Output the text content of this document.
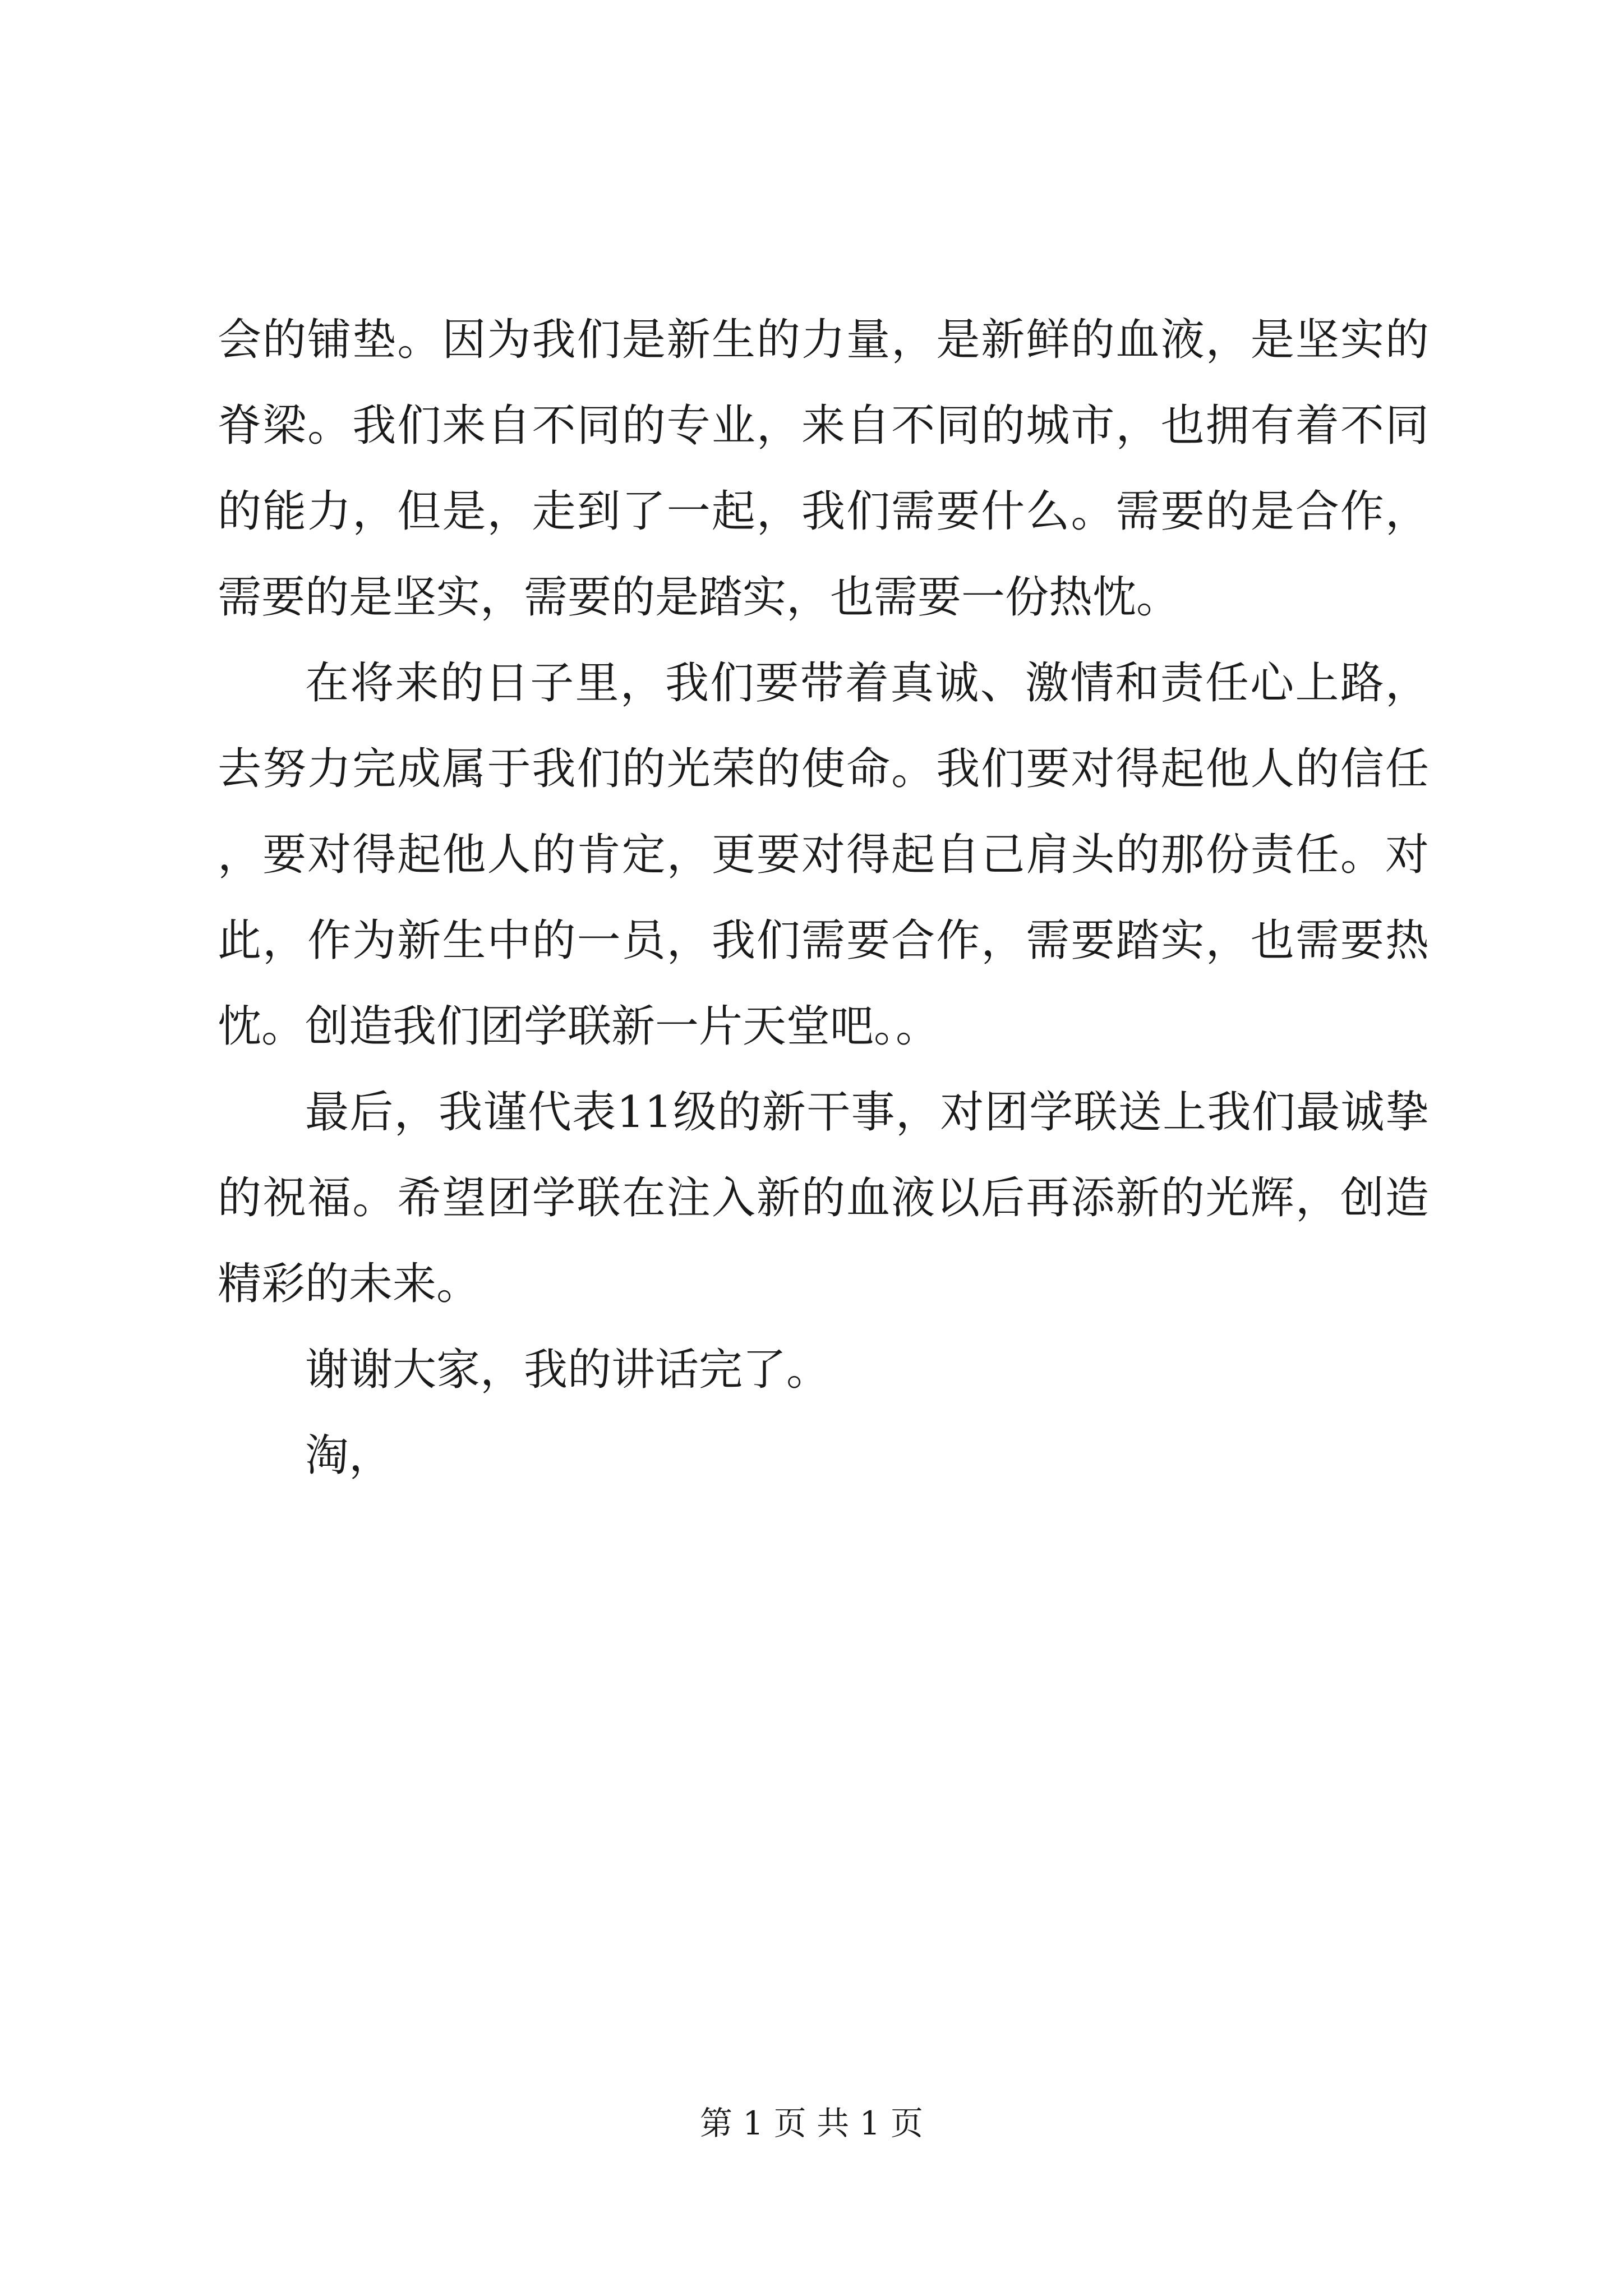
会的铺垫。因为我们是新生的力量，是新鲜的血液，是坚实的脊梁。我们来自不同的专业，来自不同的城市，也拥有着不同的能力，但是，走到了一起，我们需要什么。需要的是合作，需要的是坚实，需要的是踏实，也需要一份热忱。

在将来的日子里，我们要带着真诚、激情和责任心上路，去努力完成属于我们的光荣的使命。我们要对得起他人的信任，要对得起他人的肯定，更要对得起自己肩头的那份责任。对此，作为新生中的一员，我们需要合作，需要踏实，也需要热忱。创造我们团学联新一片天堂吧。。

最后，我谨代表11级的新干事，对团学联送上我们最诚挚的祝福。希望团学联在注入新的血液以后再添新的光辉，创造精彩的未来。

谢谢大家，我的讲话完了。

淘，

第 1 页 共 1 页
